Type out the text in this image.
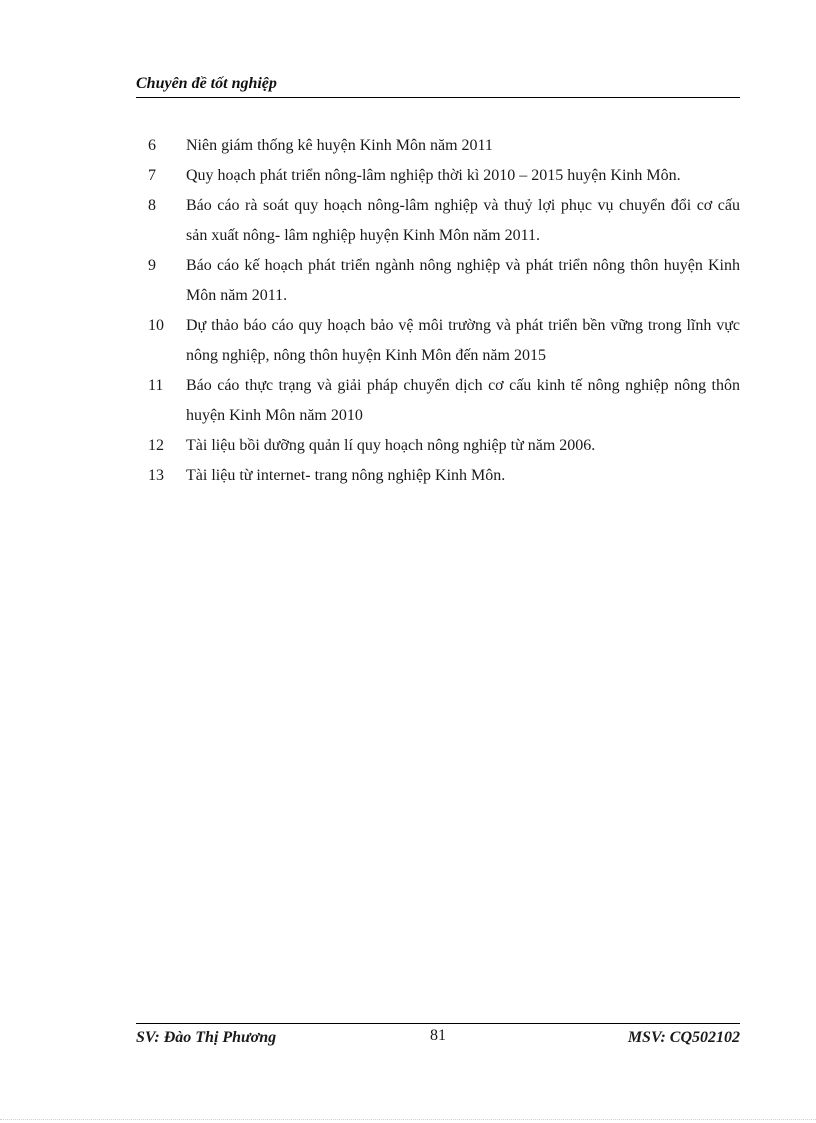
Chuyên đề tốt nghiệp
6	Niên giám thống kê huyện Kinh Môn năm 2011
7	Quy hoạch phát triển nông-lâm nghiệp thời kì 2010 – 2015 huyện Kinh Môn.
8	Báo cáo rà soát quy hoạch nông-lâm nghiệp và thuỷ lợi phục vụ chuyển đổi cơ cấu sản xuất nông- lâm nghiệp huyện Kinh Môn năm 2011.
9	Báo cáo kế hoạch phát triển ngành nông nghiệp và phát triển nông thôn huyện Kinh Môn năm 2011.
10	Dự thảo báo cáo quy hoạch bảo vệ môi trường và phát triển bền vững trong lĩnh vực nông nghiệp, nông thôn huyện Kinh Môn đến năm 2015
11	Báo cáo thực trạng và giải pháp chuyển dịch cơ cấu kinh tế nông nghiệp nông thôn huyện Kinh Môn năm 2010
12	Tài liệu bồi dưỡng quản lí quy hoạch nông nghiệp từ năm 2006.
13	Tài liệu từ internet- trang nông nghiệp Kinh Môn.
SV: Đào Thị Phương	81	MSV: CQ502102
